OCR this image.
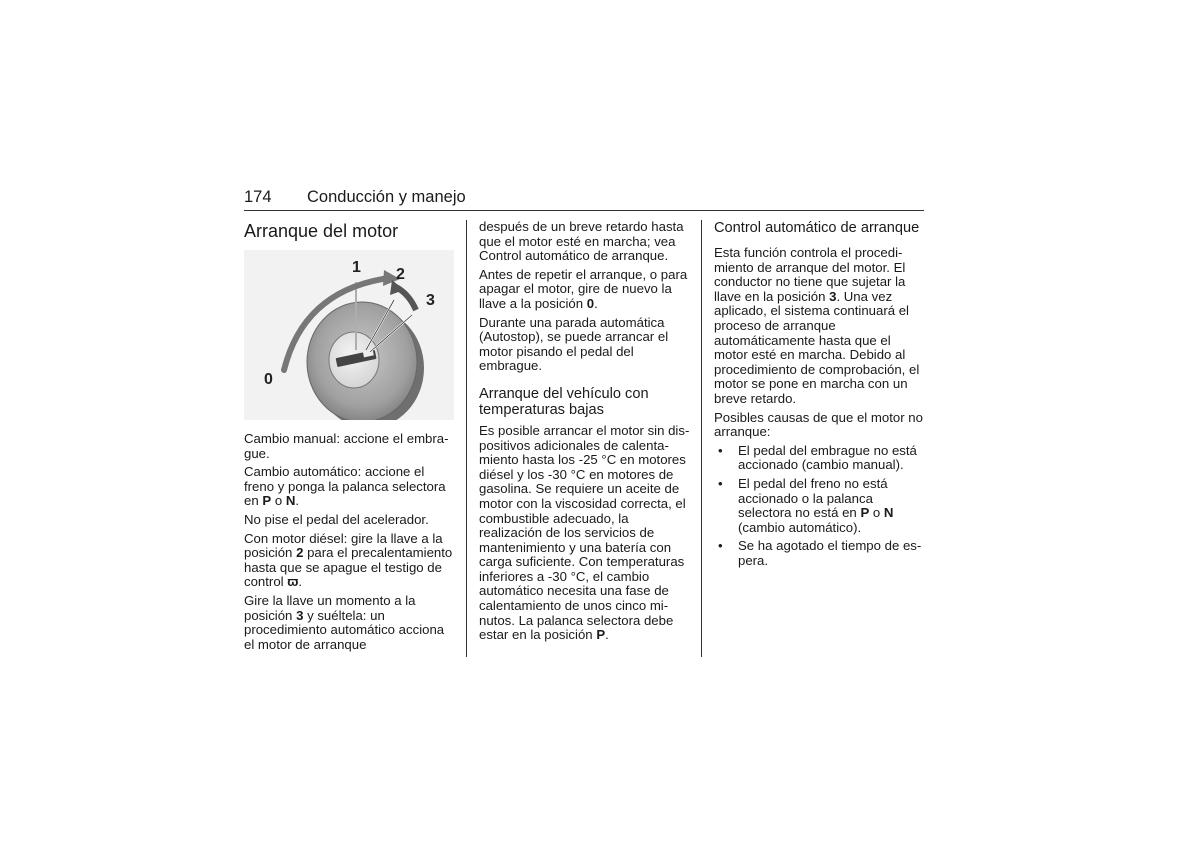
174 Conducción y manejo
Arranque del motor
0
1 2
3

Cambio manual: accione el embrague.

Cambio automático: accione el freno y ponga la palanca selectora en P o N.

No pise el pedal del acelerador.

Con motor diésel: gire la llave a la posición 2 para el precalentamiento hasta que se apague el testigo de control ϖ.

Gire la llave un momento a la posición 3 y suéltela: un procedimiento automático acciona el motor de arranque

después de un breve retardo hasta que el motor esté en marcha; vea Control automático de arranque.

Antes de repetir el arranque, o para apagar el motor, gire de nuevo la llave a la posición 0.

Durante una parada automática (Autostop), se puede arrancar el motor pisando el pedal del embrague.

Arranque del vehículo con temperaturas bajas

Es posible arrancar el motor sin dispositivos adicionales de calentamiento hasta los -25 °C en motores diésel y los -30 °C en motores de gasolina. Se requiere un aceite de motor con la viscosidad correcta, el combustible adecuado, la realización de los servicios de mantenimiento y una batería con carga suficiente. Con temperaturas inferiores a -30 °C, el cambio automático necesita una fase de calentamiento de unos cinco minutos. La palanca selectora debe estar en la posición P.

Control automático de arranque

Esta función controla el procedimiento de arranque del motor. El conductor no tiene que sujetar la llave en la posición 3. Una vez aplicado, el sistema continuará el proceso de arranque automáticamente hasta que el motor esté en marcha. Debido al procedimiento de comprobación, el motor se pone en marcha con un breve retardo.

Posibles causas de que el motor no arranque:

• El pedal del embrague no está accionado (cambio manual).
• El pedal del freno no está accionado o la palanca selectora no está en P o N (cambio automático).
• Se ha agotado el tiempo de espera.
